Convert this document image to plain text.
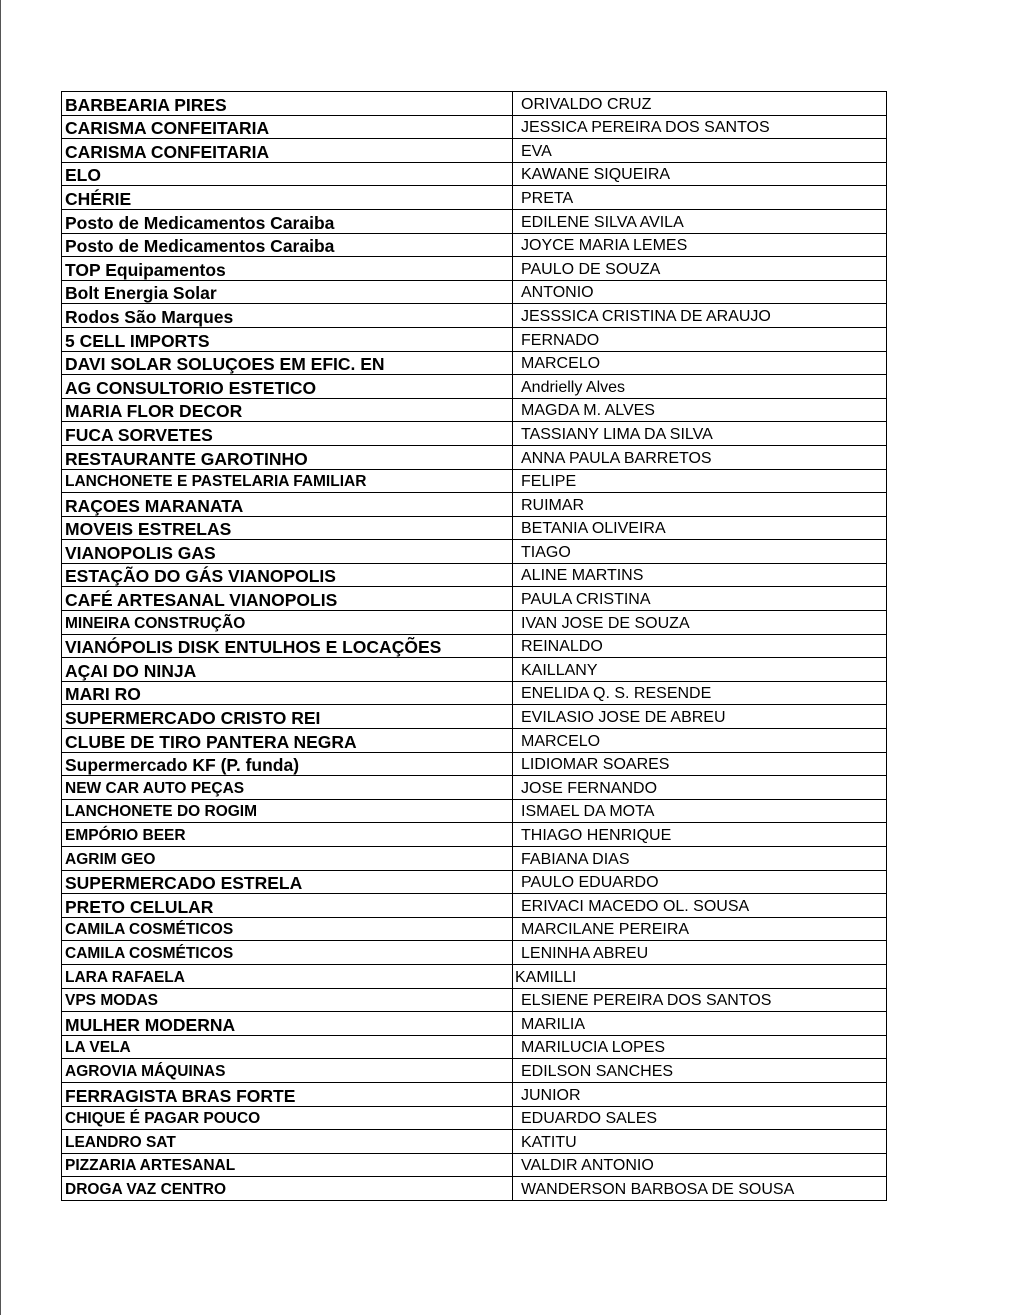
BARBEARIA PIRES	ORIVALDO CRUZ
CARISMA CONFEITARIA	JESSICA PEREIRA DOS SANTOS
CARISMA CONFEITARIA	EVA
ELO	KAWANE SIQUEIRA
CHÉRIE	PRETA
Posto de Medicamentos Caraiba	EDILENE SILVA AVILA
Posto de Medicamentos Caraiba	JOYCE MARIA LEMES
TOP Equipamentos	PAULO DE SOUZA
Bolt Energia Solar	ANTONIO
Rodos São Marques	JESSSICA CRISTINA DE ARAUJO
5 CELL IMPORTS	FERNADO
DAVI SOLAR SOLUÇOES EM EFIC. EN	MARCELO
AG CONSULTORIO ESTETICO	Andrielly Alves
MARIA FLOR DECOR	MAGDA M. ALVES
FUCA SORVETES	TASSIANY LIMA DA SILVA
RESTAURANTE GAROTINHO	ANNA PAULA BARRETOS
LANCHONETE E PASTELARIA FAMILIAR	FELIPE
RAÇOES MARANATA	RUIMAR
MOVEIS ESTRELAS	BETANIA OLIVEIRA
VIANOPOLIS GAS	TIAGO
ESTAÇÃO DO GÁS VIANOPOLIS	ALINE MARTINS
CAFÉ ARTESANAL VIANOPOLIS	PAULA CRISTINA
MINEIRA CONSTRUÇÃO	IVAN JOSE DE SOUZA
VIANÓPOLIS DISK ENTULHOS E LOCAÇÕES	REINALDO
AÇAI DO NINJA	KAILLANY
MARI RO	ENELIDA Q. S. RESENDE
SUPERMERCADO CRISTO REI	EVILASIO JOSE DE ABREU
CLUBE DE TIRO PANTERA NEGRA	MARCELO
Supermercado KF (P. funda)	LIDIOMAR SOARES
NEW CAR AUTO PEÇAS	JOSE FERNANDO
LANCHONETE DO ROGIM	ISMAEL DA MOTA
EMPÓRIO BEER	THIAGO HENRIQUE
AGRIM GEO	FABIANA DIAS
SUPERMERCADO ESTRELA	PAULO EDUARDO
PRETO CELULAR	ERIVACI MACEDO OL. SOUSA
CAMILA COSMÉTICOS	MARCILANE PEREIRA
CAMILA COSMÉTICOS	LENINHA ABREU
LARA RAFAELA	KAMILLI
VPS MODAS	ELSIENE PEREIRA DOS SANTOS
MULHER MODERNA	MARILIA
LA VELA	MARILUCIA LOPES
AGROVIA MÁQUINAS	EDILSON SANCHES
FERRAGISTA BRAS FORTE	JUNIOR
CHIQUE É PAGAR POUCO	EDUARDO SALES
LEANDRO SAT	KATITU
PIZZARIA ARTESANAL	VALDIR ANTONIO
DROGA VAZ CENTRO	WANDERSON BARBOSA DE SOUSA
